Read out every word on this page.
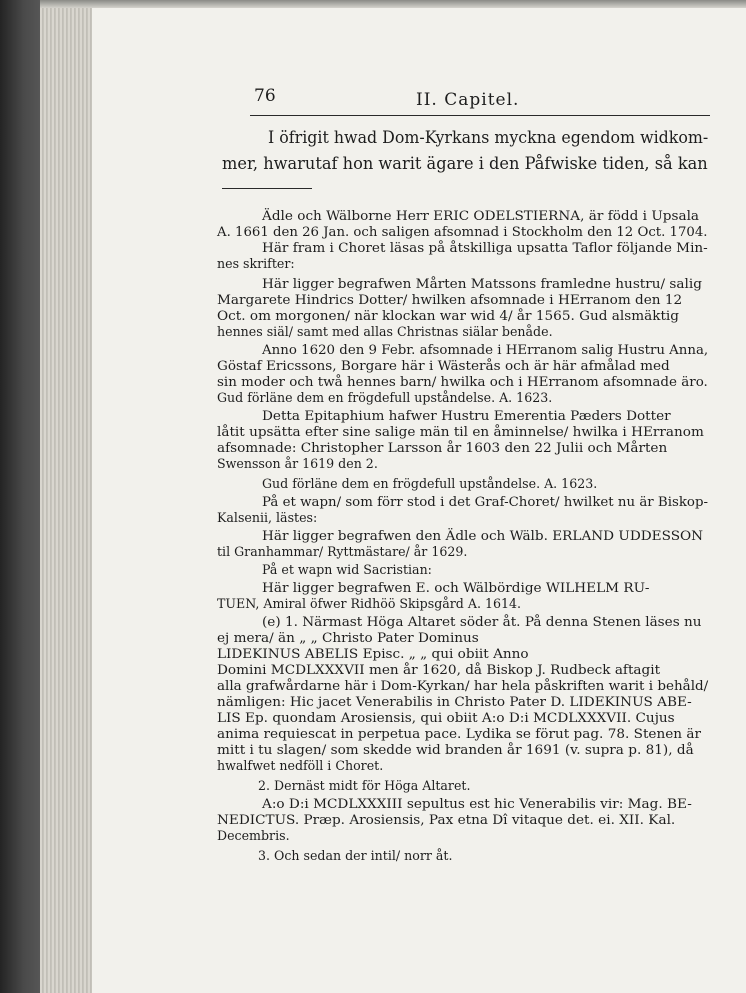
76	II. Capitel.
I öfrigit hwad Dom-Kyrkans myckna egendom widkom-
mer, hwarutaf hon warit ägare i den Påfwiske tiden, så kan
Ädle och Wälborne Herr ERIC ODELSTIERNA, är född i Upsala
A. 1661 den 26 Jan. och saligen afsomnad i Stockholm den 12 Oct. 1704.
Här fram i Choret läsas på åtskilliga upsatta Taflor följande Min-
nes skrifter:
Här ligger begrafwen Mårten Matssons framledne hustru/ salig
Margarete Hindrics Dotter/ hwilken afsomnade i HErranom den 12
Oct. om morgonen/ när klockan war wid 4/ år 1565. Gud alsmäktig
hennes siäl/ samt med allas Christnas siälar benåde.
Anno 1620 den 9 Febr. afsomnade i HErranom salig Hustru Anna,
Göstaf Ericssons, Borgare här i Wästerås och är här afmålad med
sin moder och twå hennes barn/ hwilka och i HErranom afsomnade äro.
Gud förläne dem en frögdefull upståndelse. A. 1623.
Detta Epitaphium hafwer Hustru Emerentia Pæders Dotter
låtit upsätta efter sine salige män til en åminnelse/ hwilka i HErranom
afsomnade: Christopher Larsson år 1603 den 22 Julii och Mårten
Swensson år 1619 den 2.
Gud förläne dem en frögdefull upståndelse. A. 1623.
På et wapn/ som förr stod i det Graf-Choret/ hwilket nu är Biskop-
Kalsenii, lästes:
Här ligger begrafwen den Ädle och Wälb. ERLAND UDDESSON
til Granhammar/ Ryttmästare/ år 1629.
På et wapn wid Sacristian:
Här ligger begrafwen E. och Wälbördige WILHELM RU-
TUEN, Amiral öfwer Ridhöö Skipsgård A. 1614.
(e) 1. Närmast Höga Altaret söder åt. På denna Stenen läses nu
ej mera/ än „ „ Christo Pater Dominus
LIDEKINUS ABELIS Episc. „ „ qui obiit Anno
Domini MCDLXXXVII men år 1620, då Biskop J. Rudbeck aftagit
alla grafwårdarne här i Dom-Kyrkan/ har hela påskriften warit i behåld/
nämligen: Hic jacet Venerabilis in Christo Pater D. LIDEKINUS ABE-
LIS Ep. quondam Arosiensis, qui obiit A:o D:i MCDLXXXVII. Cujus
anima requiescat in perpetua pace. Lydika se förut pag. 78. Stenen är
mitt i tu slagen/ som skedde wid branden år 1691 (v. supra p. 81), då
hwalfwet nedföll i Choret.
2. Dernäst midt för Höga Altaret.
A:o D:i MCDLXXXIII sepultus est hic Venerabilis vir: Mag. BE-
NEDICTUS. Præp. Arosiensis, Pax etna Dî vitaque det. ei. XII. Kal.
Decembris.
3. Och sedan der intil/ norr åt.
